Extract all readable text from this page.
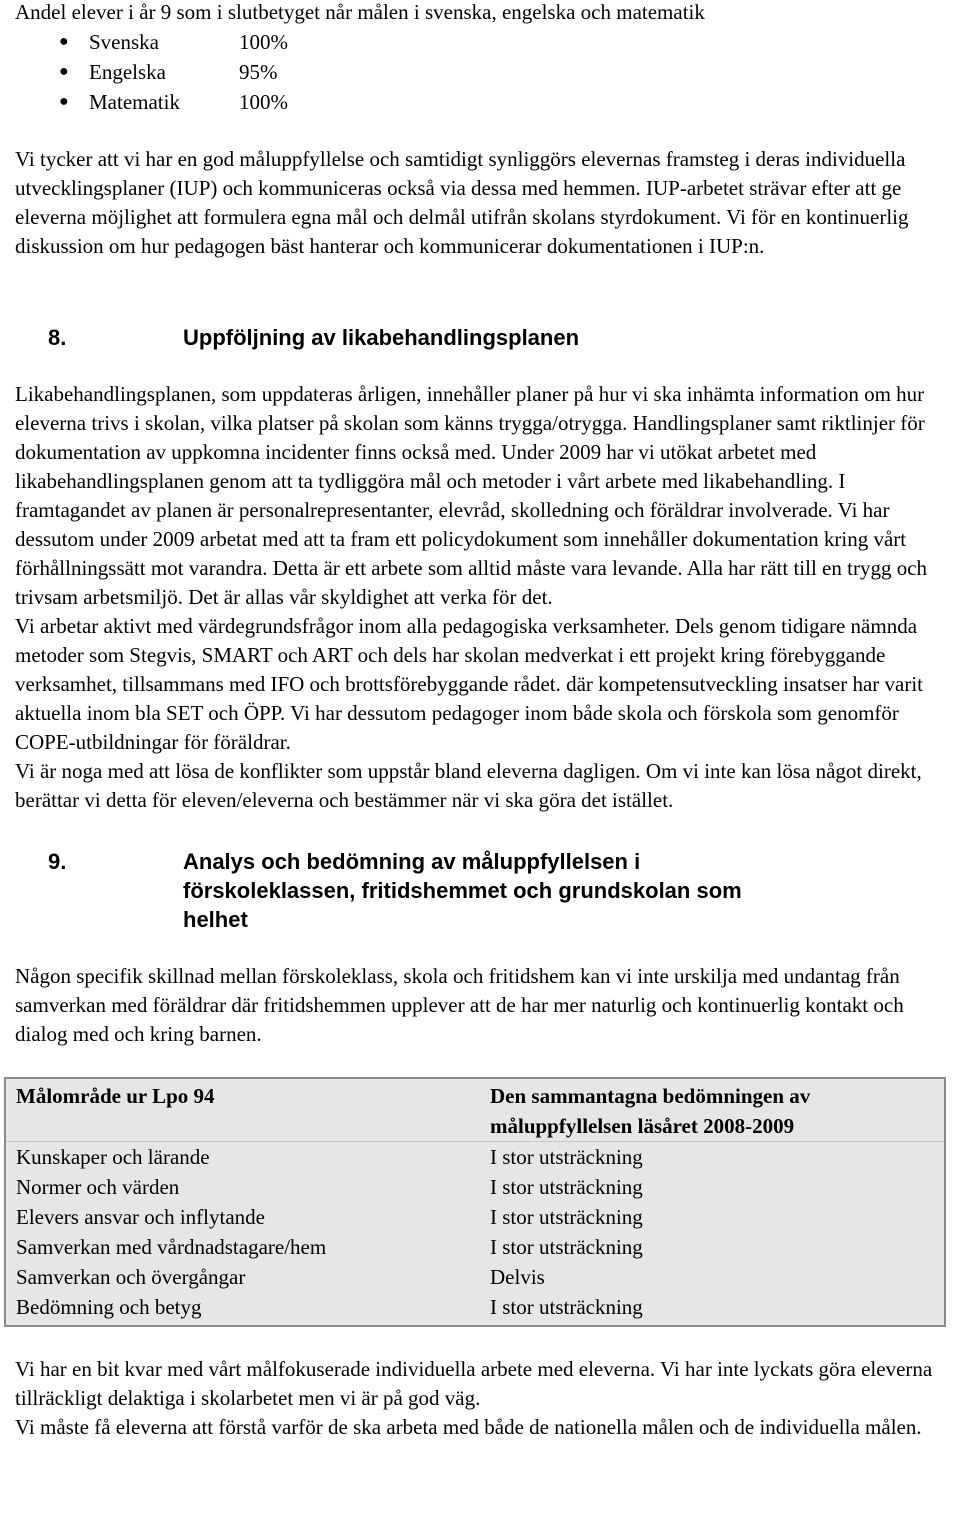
Andel elever i år 9 som i slutbetyget når målen i svenska, engelska och matematik

● Svenska	100%
● Engelska	95%
● Matematik	100%

Vi tycker att vi har en god måluppfyllelse och samtidigt synliggörs elevernas framsteg i deras individuella utvecklingsplaner (IUP) och kommuniceras också via dessa med hemmen. IUP-arbetet strävar efter att ge eleverna möjlighet att formulera egna mål och delmål utifrån skolans styrdokument. Vi för en kontinuerlig diskussion om hur pedagogen bäst hanterar och kommunicerar dokumentationen i IUP:n.

8.	Uppföljning av likabehandlingsplanen

Likabehandlingsplanen, som uppdateras årligen, innehåller planer på hur vi ska inhämta information om hur eleverna trivs i skolan, vilka platser på skolan som känns trygga/otrygga. Handlingsplaner samt riktlinjer för dokumentation av uppkomna incidenter finns också med. Under 2009 har vi utökat arbetet med likabehandlingsplanen genom att ta tydliggöra mål och metoder i vårt arbete med likabehandling. I framtagandet av planen är personalrepresentanter, elevråd, skolledning och föräldrar involverade. Vi har dessutom under 2009 arbetat med att ta fram ett policydokument som innehåller dokumentation kring vårt förhållningssätt mot varandra. Detta är ett arbete som alltid måste vara levande. Alla har rätt till en trygg och trivsam arbetsmiljö. Det är allas vår skyldighet att verka för det.

Vi arbetar aktivt med värdegrundsfrågor inom alla pedagogiska verksamheter. Dels genom tidigare nämnda metoder som Stegvis, SMART och ART och dels har skolan medverkat i ett projekt kring förebyggande verksamhet, tillsammans med IFO och brottsförebyggande rådet. där kompetensutveckling insatser har varit aktuella inom bla SET och ÖPP. Vi har dessutom pedagoger inom både skola och förskola som genomför COPE-utbildningar för föräldrar.

Vi är noga med att lösa de konflikter som uppstår bland eleverna dagligen. Om vi inte kan lösa något direkt, berättar vi detta för eleven/eleverna och bestämmer när vi ska göra det istället.

9.	Analys och bedömning av måluppfyllelsen i förskoleklassen, fritidshemmet och grundskolan som helhet

Någon specifik skillnad mellan förskoleklass, skola och fritidshem kan vi inte urskilja med undantag från samverkan med föräldrar där fritidshemmen upplever att de har mer naturlig och kontinuerlig kontakt och dialog med och kring barnen.

Målområde ur Lpo 94	Den sammantagna bedömningen av måluppfyllelsen läsåret 2008-2009
Kunskaper och lärande	I stor utsträckning
Normer och värden	I stor utsträckning
Elevers ansvar och inflytande	I stor utsträckning
Samverkan med vårdnadstagare/hem	I stor utsträckning
Samverkan och övergångar	Delvis
Bedömning och betyg	I stor utsträckning

Vi har en bit kvar med vårt målfokuserade individuella arbete med eleverna. Vi har inte lyckats göra eleverna tillräckligt delaktiga i skolarbetet men vi är på god väg.

Vi måste få eleverna att förstå varför de ska arbeta med både de nationella målen och de individuella målen.
